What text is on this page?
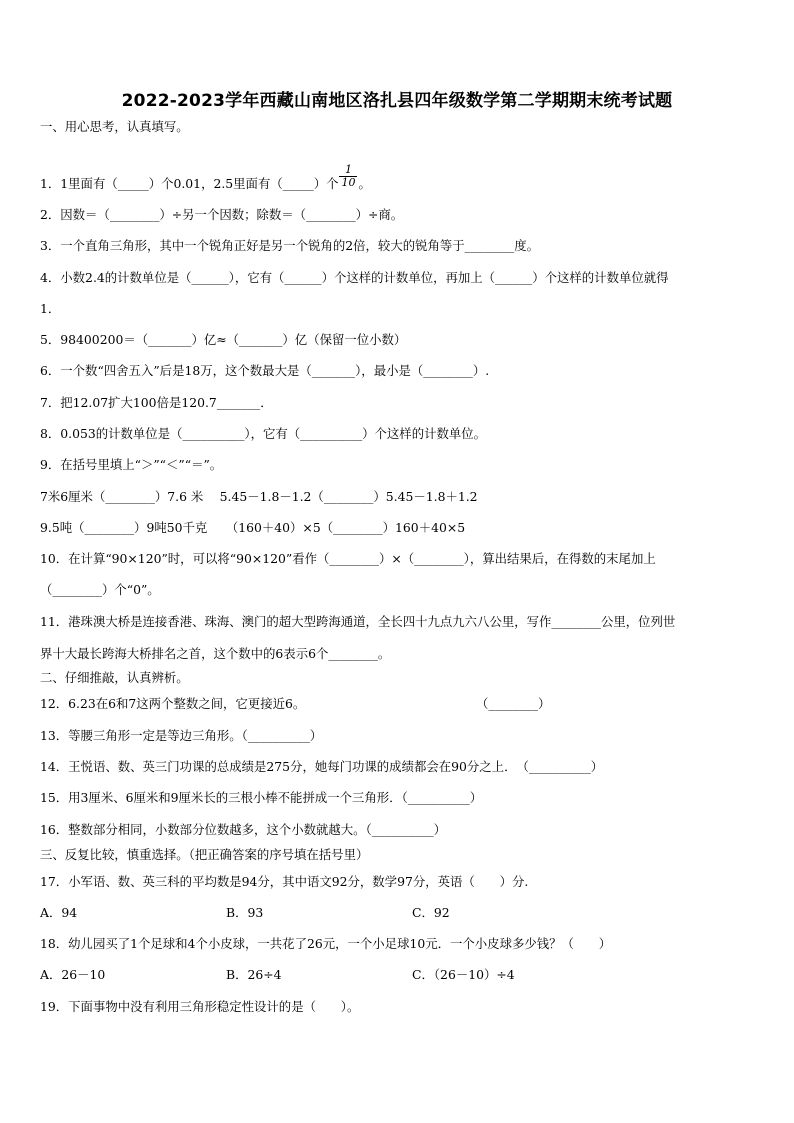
2022-2023学年西藏山南地区洛扎县四年级数学第二学期期末统考试题
一、用心思考，认真填写。
1．1里面有（_____）个0.01，2.5里面有（_____）个 $\frac{1}{10}$ 。
2．因数＝（________）÷另一个因数；除数＝（________）÷商。
3．一个直角三角形，其中一个锐角正好是另一个锐角的2倍，较大的锐角等于________度。
4．小数2.4的计数单位是（______），它有（______）个这样的计数单位，再加上（______）个这样的计数单位就得
1．
5．98400200＝（_______）亿≈（_______）亿（保留一位小数）
6．一个数“四舍五入”后是18万，这个数最大是（_______），最小是（________）.
7．把12.07扩大100倍是120.7_______．
8．0.053的计数单位是（__________），它有（__________）个这样的计数单位。
9．在括号里填上“＞”“＜”“＝”。
7米6厘米（________）7.6 米　 5.45－1.8－1.2（________）5.45－1.8＋1.2
9.5吨（________）9吨50千克　　（160＋40）×5（________）160＋40×5
10．在计算“90×120”时，可以将“90×120”看作（________）×（________），算出结果后，在得数的末尾加上
（________）个“0”。
11．港珠澳大桥是连接香港、珠海、澳门的超大型跨海通道，全长四十九点九六八公里，写作________公里，位列世
界十大最长跨海大桥排名之首，这个数中的6表示6个________。
二、仔细推敲，认真辨析。
12．6.23在6和7这两个整数之间，它更接近6。	（________）
13．等腰三角形一定是等边三角形。（__________）
14．王悦语、数、英三门功课的总成绩是275分，她每门功课的成绩都会在90分之上．　（__________）
15．用3厘米、6厘米和9厘米长的三根小棒不能拼成一个三角形．（__________）
16．整数部分相同，小数部分位数越多，这个小数就越大。（__________）
三、反复比较，慎重选择。（把正确答案的序号填在括号里）
17．小军语、数、英三科的平均数是94分，其中语文92分，数学97分，英语（　　）分.
A．94	B．93	C．92
18．幼儿园买了1个足球和4个小皮球，一共花了26元，一个小足球10元．一个小皮球多少钱？（　　）
A．26－10	B．26÷4	C．（26－10）÷4
19．下面事物中没有利用三角形稳定性设计的是（　　）。
